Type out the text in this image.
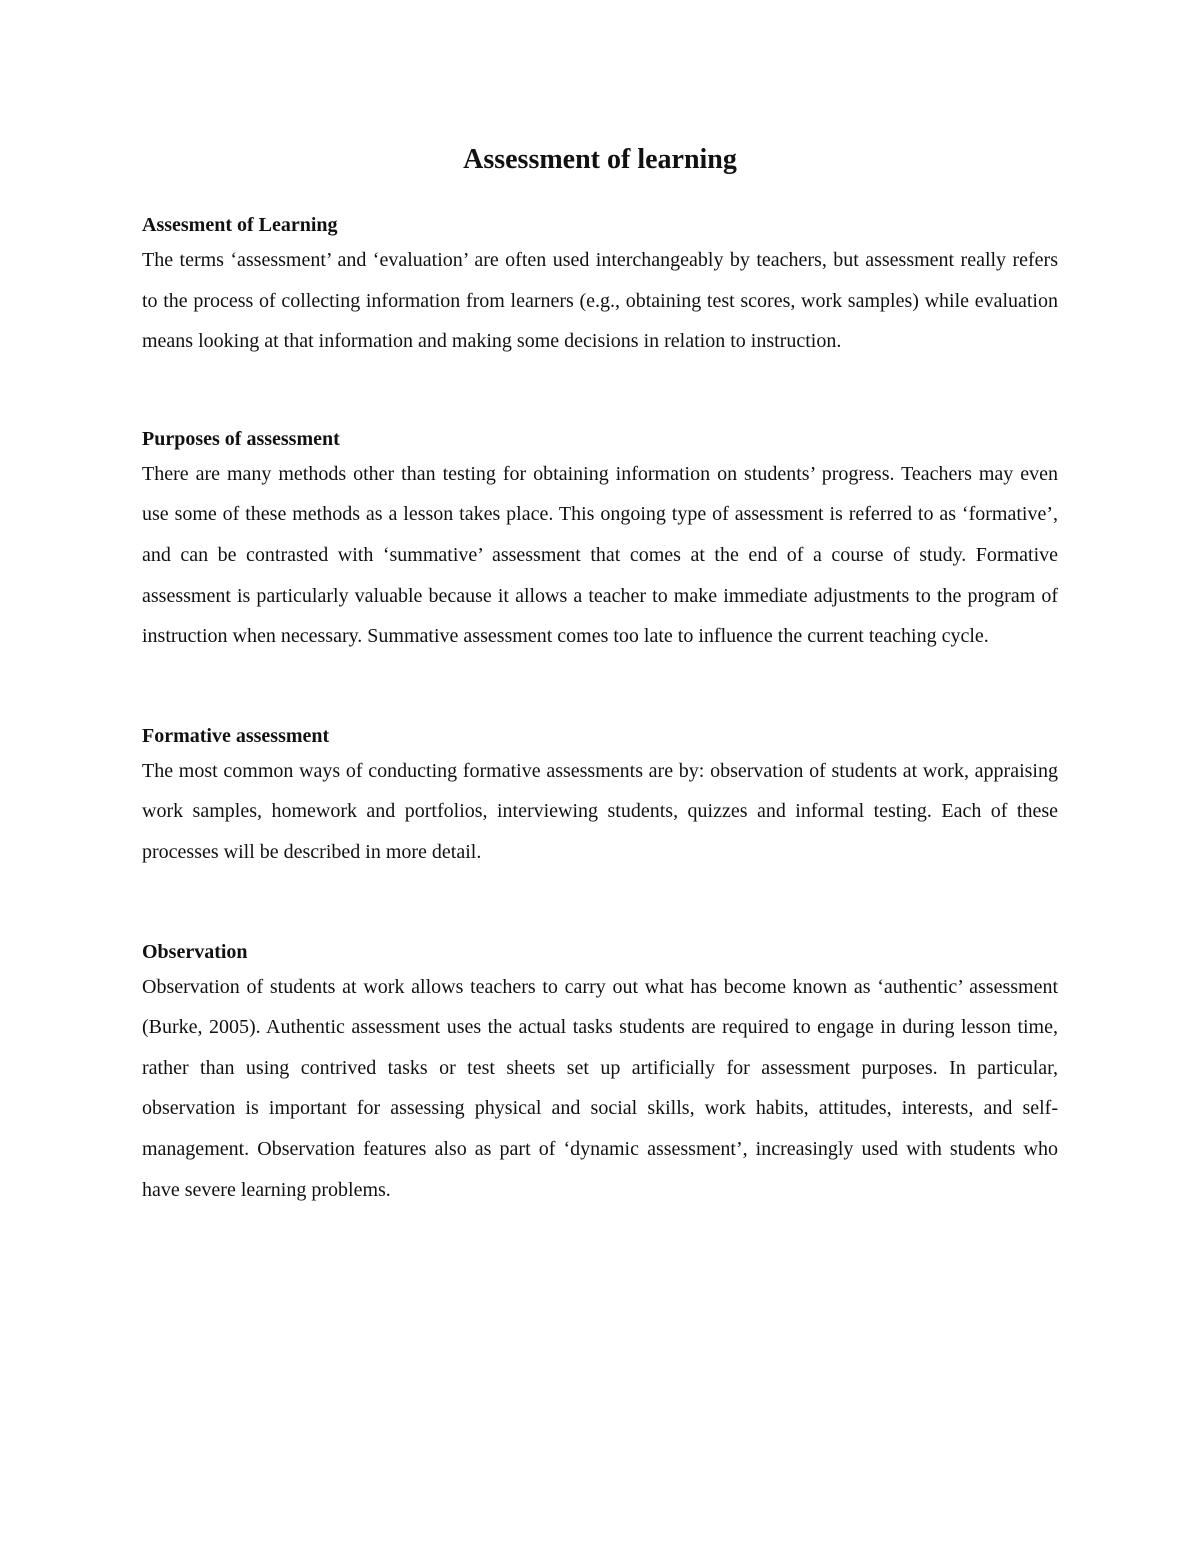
Assessment of learning
Assesment of Learning

The terms ‘assessment’ and ‘evaluation’ are often used interchangeably by teachers, but assessment really refers to the process of collecting information from learners (e.g., obtaining test scores, work samples) while evaluation means looking at that information and making some decisions in relation to instruction.

Purposes of assessment

There are many methods other than testing for obtaining information on students’ progress. Teachers may even use some of these methods as a lesson takes place. This ongoing type of assessment is referred to as ‘formative’, and can be contrasted with ‘summative’ assessment that comes at the end of a course of study. Formative assessment is particularly valuable because it allows a teacher to make immediate adjustments to the program of instruction when necessary. Summative assessment comes too late to influence the current teaching cycle.

Formative assessment

The most common ways of conducting formative assessments are by: observation of students at work, appraising work samples, homework and portfolios, interviewing students, quizzes and informal testing. Each of these processes will be described in more detail.

Observation

Observation of students at work allows teachers to carry out what has become known as ‘authentic’ assessment (Burke, 2005). Authentic assessment uses the actual tasks students are required to engage in during lesson time, rather than using contrived tasks or test sheets set up artificially for assessment purposes. In particular, observation is important for assessing physical and social skills, work habits, attitudes, interests, and self-management. Observation features also as part of ‘dynamic assessment’, increasingly used with students who have severe learning problems.
